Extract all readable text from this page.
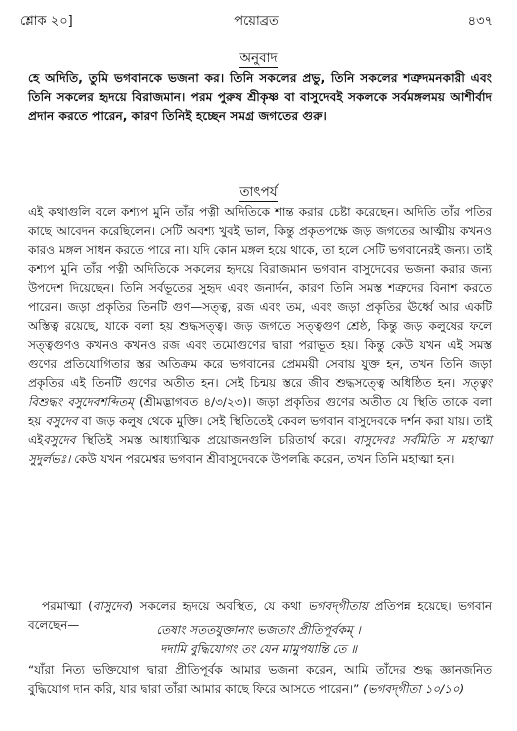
শ্লোক ২০]	পয়োব্রত	৪৩৭
অনুবাদ
হে অদিতি, তুমি ভগবানকে ভজনা কর। তিনি সকলের প্রভু, তিনি সকলের শত্রুদমনকারী এবং তিনি সকলের হৃদয়ে বিরাজমান। পরম পুরুষ শ্রীকৃষ্ণ বা বাসুদেবই সকলকে সর্বমঙ্গলময় আশীর্বাদ প্রদান করতে পারেন, কারণ তিনিই হচ্ছেন সমগ্র জগতের গুরু।
তাৎপর্য

এই কথাগুলি বলে কশ্যপ মুনি তাঁর পত্নী অদিতিকে শান্ত করার চেষ্টা করেছেন। অদিতি তাঁর পতির কাছে আবেদন করেছিলেন। সেটি অবশ্য খুবই ভাল, কিন্তু প্রকৃতপক্ষে জড় জগতের আত্মীয় কখনও কারও মঙ্গল সাধন করতে পারে না। যদি কোন মঙ্গল হয়ে থাকে, তা হলে সেটি ভগবানেরই জন্য। তাই কশ্যপ মুনি তাঁর পত্নী অদিতিকে সকলের হৃদয়ে বিরাজমান ভগবান বাসুদেবের ভজনা করার জন্য উপদেশ দিয়েছেন। তিনি সর্বভূতের সুহৃদ এবং জনার্দন, কারণ তিনি সমস্ত শত্রুদের বিনাশ করতে পারেন। জড়া প্রকৃতির তিনটি গুণ—সত্ত্ব, রজ এবং তম, এবং জড়া প্রকৃতির ঊর্ধ্বে আর একটি অস্তিত্ব রয়েছে, যাকে বলা হয় শুদ্ধসত্ত্ব। জড় জগতে সত্ত্বগুণ শ্রেষ্ঠ, কিন্তু জড় কলুষের ফলে সত্ত্বগুণও কখনও কখনও রজ এবং তমোগুণের দ্বারা পরাভূত হয়। কিন্তু কেউ যখন এই সমস্ত গুণের প্রতিযোগিতার স্তর অতিক্রম করে ভগবানের প্রেমময়ী সেবায় যুক্ত হন, তখন তিনি জড়া প্রকৃতির এই তিনটি গুণের অতীত হন। সেই চিন্ময় স্তরে জীব শুদ্ধসত্ত্বে অধিষ্ঠিত হন। সত্ত্বং বিশুদ্ধং বসুদেবশব্দিতম্ (শ্রীমদ্ভাগবত ৪/৩/২৩)। জড়া প্রকৃতির গুণের অতীত যে স্থিতি তাকে বলা হয় বসুদেব বা জড় কলুষ থেকে মুক্তি। সেই স্থিতিতেই কেবল ভগবান বাসুদেবকে দর্শন করা যায়। তাই এইবসুদেব স্থিতিই সমস্ত আধ্যাত্মিক প্রয়োজনগুলি চরিতার্থ করে। বাসুদেবঃ সর্বমিতি স মহাত্মা সুদুর্লভঃ। কেউ যখন পরমেশ্বর ভগবান শ্রীবাসুদেবকে উপলব্ধি করেন, তখন তিনি মহাত্মা হন।

পরমাত্মা (বাসুদেব) সকলের হৃদয়ে অবস্থিত, যে কথা ভগবদ্‌গীতায় প্রতিপন্ন হয়েছে। ভগবান বলেছেন—	তেষাং সততযুক্তানাং ভজতাং প্রীতিপূর্বকম্ ।
দদামি বুদ্ধিযোগং তং যেন মামুপযান্তি তে ॥

“যাঁরা নিত্য ভক্তিযোগ দ্বারা প্রীতিপূর্বক আমার ভজনা করেন, আমি তাঁদের শুদ্ধ জ্ঞানজনিত বুদ্ধিযোগ দান করি, যার দ্বারা তাঁরা আমার কাছে ফিরে আসতে পারেন।” (ভগবদ্‌গীতা ১০/১০)
